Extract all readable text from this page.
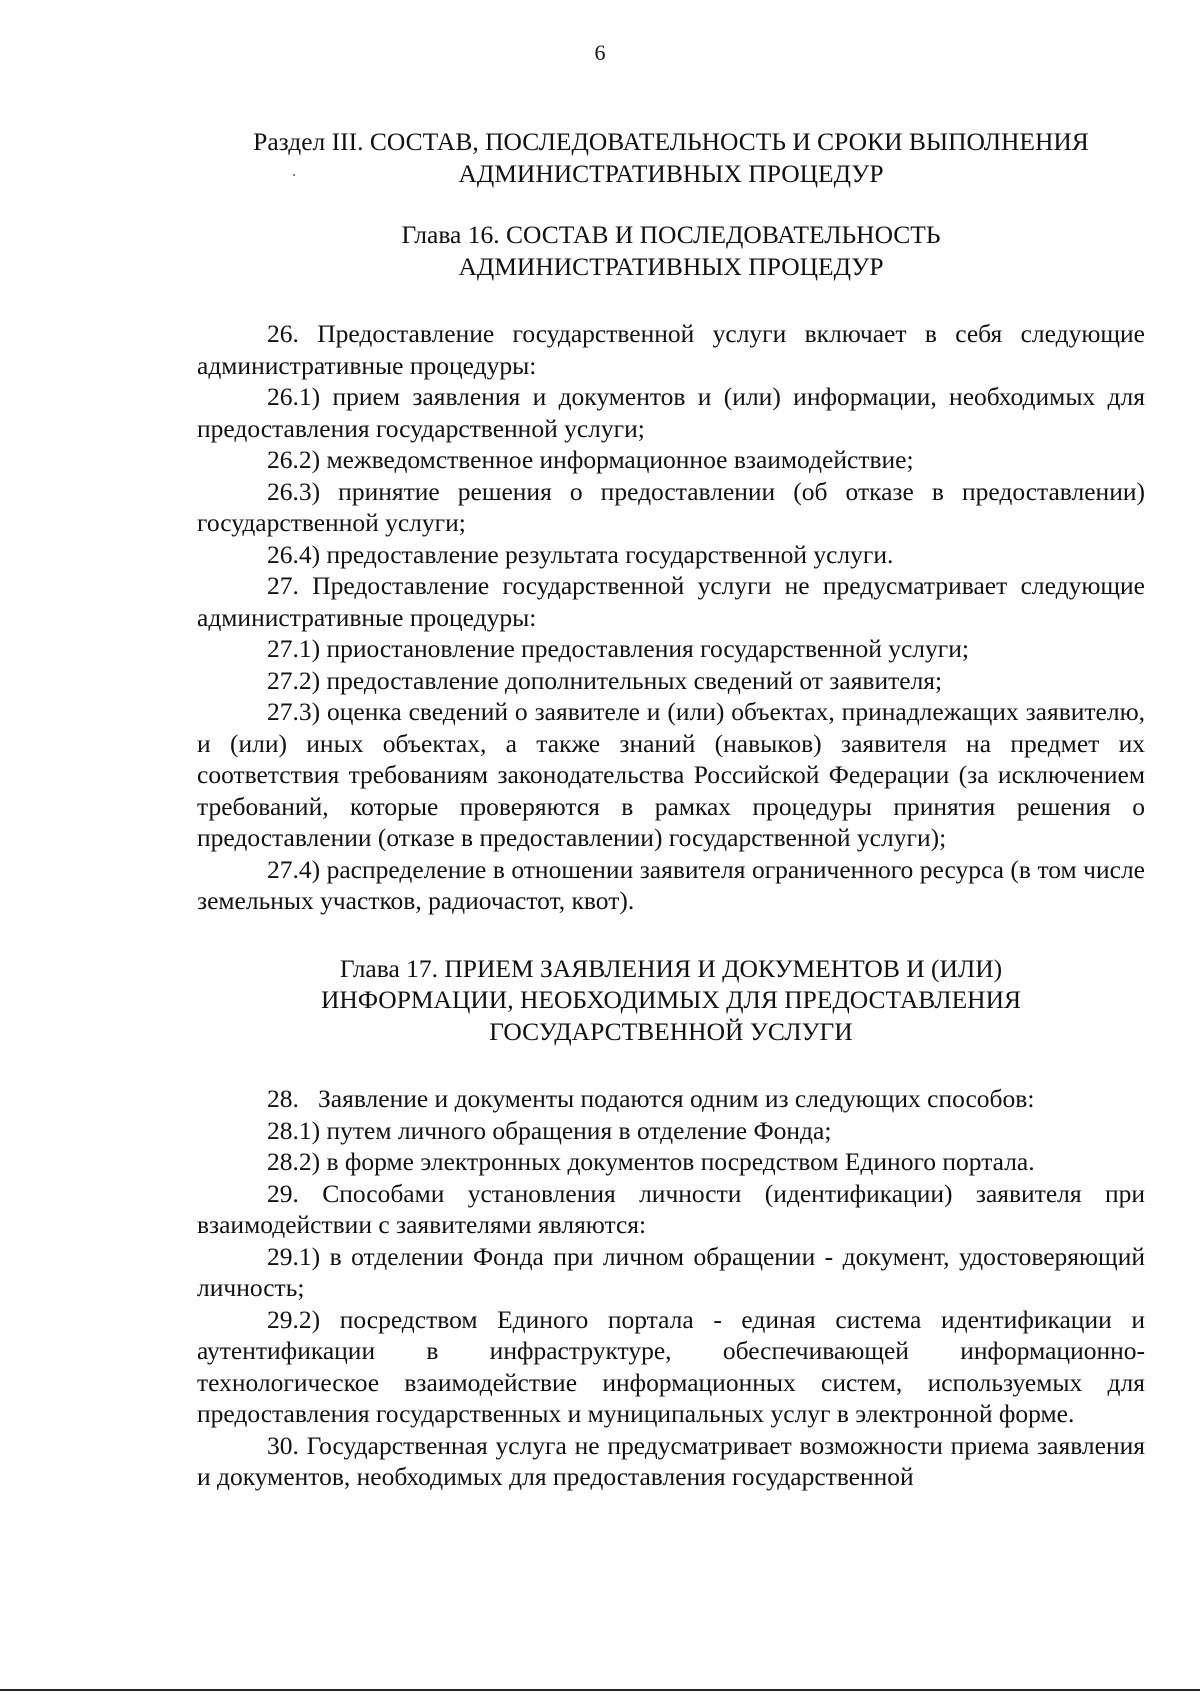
6
Раздел III. СОСТАВ, ПОСЛЕДОВАТЕЛЬНОСТЬ И СРОКИ ВЫПОЛНЕНИЯ
АДМИНИСТРАТИВНЫХ ПРОЦЕДУР
Глава 16. СОСТАВ И ПОСЛЕДОВАТЕЛЬНОСТЬ
АДМИНИСТРАТИВНЫХ ПРОЦЕДУР

26. Предоставление государственной услуги включает в себя следующие административные процедуры:

26.1) прием заявления и документов и (или) информации, необходимых для предоставления государственной услуги;

26.2) межведомственное информационное взаимодействие;

26.3) принятие решения о предоставлении (об отказе в предоставлении) государственной услуги;

26.4) предоставление результата государственной услуги.

27. Предоставление государственной услуги не предусматривает следующие административные процедуры:

27.1) приостановление предоставления государственной услуги;

27.2) предоставление дополнительных сведений от заявителя;

27.3) оценка сведений о заявителе и (или) объектах, принадлежащих заявителю, и (или) иных объектах, а также знаний (навыков) заявителя на предмет их соответствия требованиям законодательства Российской Федерации (за исключением требований, которые проверяются в рамках процедуры принятия решения о предоставлении (отказе в предоставлении) государственной услуги);

27.4) распределение в отношении заявителя ограниченного ресурса (в том числе земельных участков, радиочастот, квот).

Глава 17. ПРИЕМ ЗАЯВЛЕНИЯ И ДОКУМЕНТОВ И (ИЛИ)
ИНФОРМАЦИИ, НЕОБХОДИМЫХ ДЛЯ ПРЕДОСТАВЛЕНИЯ
ГОСУДАРСТВЕННОЙ УСЛУГИ

28.   Заявление и документы подаются одним из следующих способов:

28.1) путем личного обращения в отделение Фонда;

28.2) в форме электронных документов посредством Единого портала.

29. Способами установления личности (идентификации) заявителя при взаимодействии с заявителями являются:

29.1) в отделении Фонда при личном обращении - документ, удостоверяющий личность;

29.2) посредством Единого портала - единая система идентификации и аутентификации в инфраструктуре, обеспечивающей информационно-технологическое взаимодействие информационных систем, используемых для предоставления государственных и муниципальных услуг в электронной форме.

30. Государственная услуга не предусматривает возможности приема заявления и документов, необходимых для предоставления государственной
